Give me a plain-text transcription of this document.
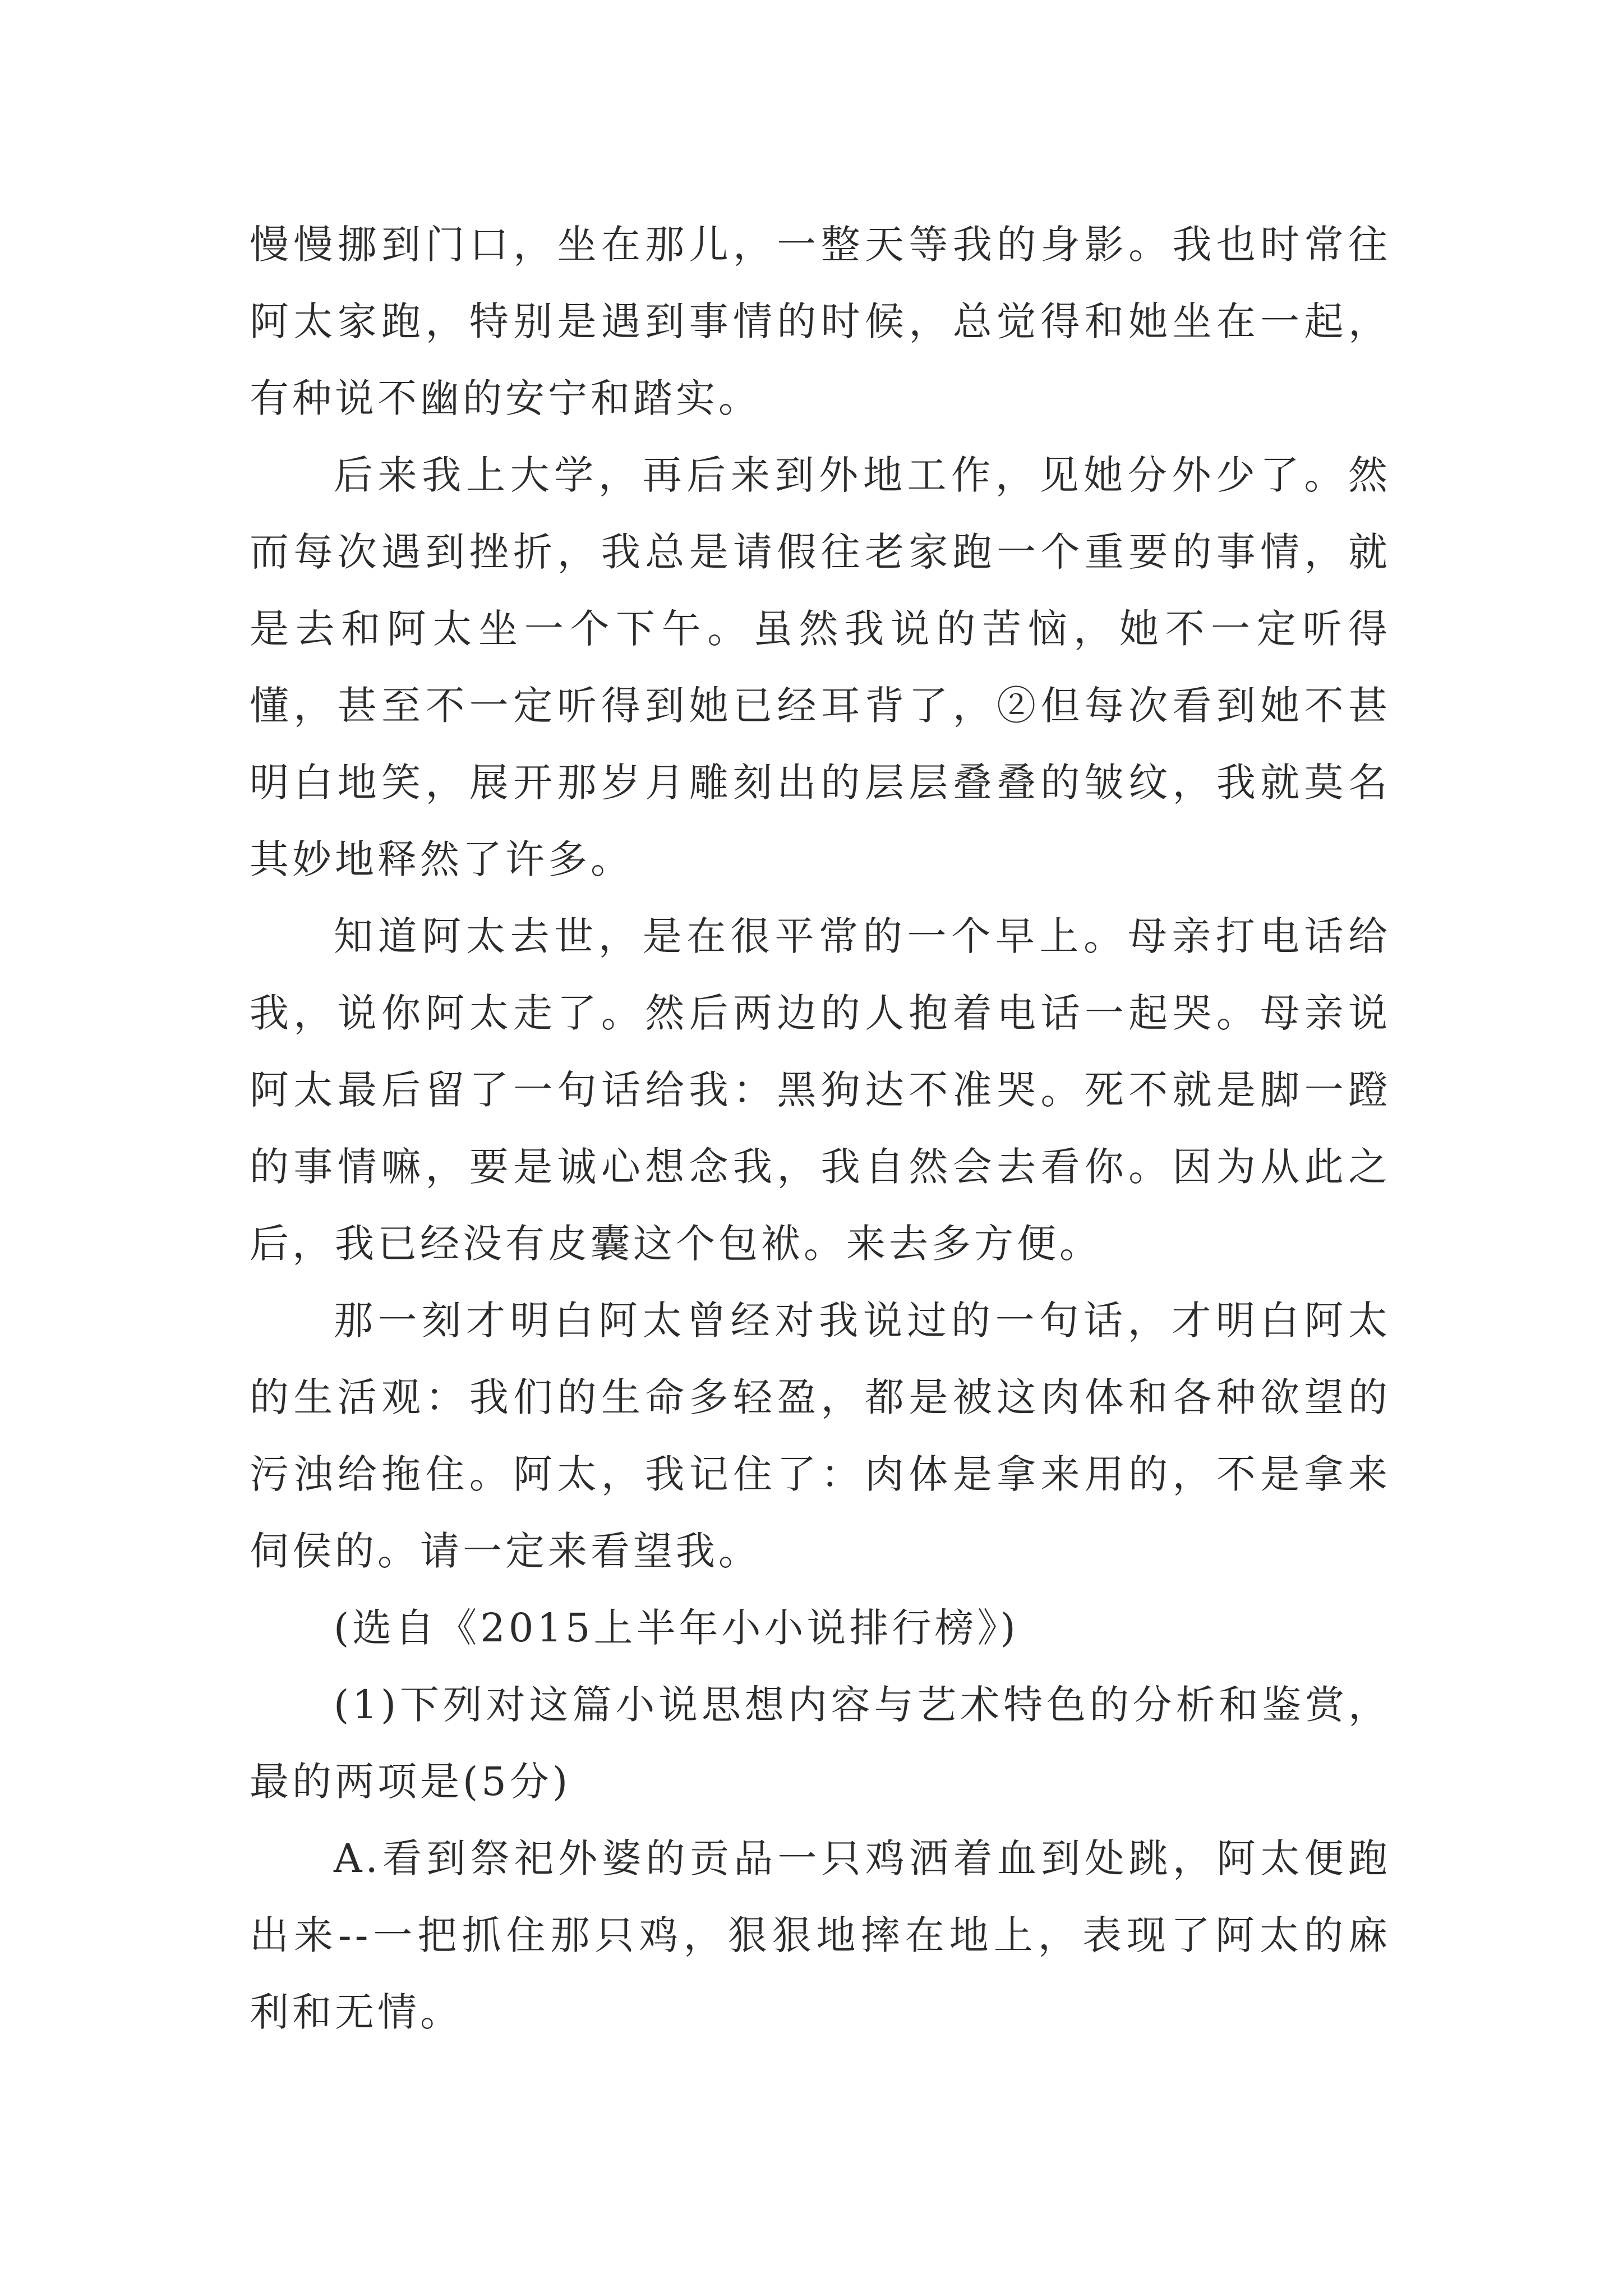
慢慢挪到门口，坐在那儿，一整天等我的身影。我也时常往阿太家跑，特别是遇到事情的时候，总觉得和她坐在一起，有种说不幽的安宁和踏实。

后来我上大学，再后来到外地工作，见她分外少了。然而每次遇到挫折，我总是请假往老家跑一个重要的事情，就是去和阿太坐一个下午。虽然我说的苦恼，她不一定听得懂，甚至不一定听得到她已经耳背了，②但每次看到她不甚明白地笑，展开那岁月雕刻出的层层叠叠的皱纹，我就莫名其妙地释然了许多。

知道阿太去世，是在很平常的一个早上。母亲打电话给我，说你阿太走了。然后两边的人抱着电话一起哭。母亲说阿太最后留了一句话给我：黑狗达不准哭。死不就是脚一蹬的事情嘛，要是诚心想念我，我自然会去看你。因为从此之后，我已经没有皮囊这个包袱。来去多方便。

那一刻才明白阿太曾经对我说过的一句话，才明白阿太的生活观：我们的生命多轻盈，都是被这肉体和各种欲望的污浊给拖住。阿太，我记住了：肉体是拿来用的，不是拿来伺侯的。请一定来看望我。

(选自《2015上半年小小说排行榜》)

(1)下列对这篇小说思想内容与艺术特色的分析和鉴赏，最的两项是(5分)

A.看到祭祀外婆的贡品一只鸡洒着血到处跳，阿太便跑出来--一把抓住那只鸡，狠狠地摔在地上，表现了阿太的麻利和无情。
